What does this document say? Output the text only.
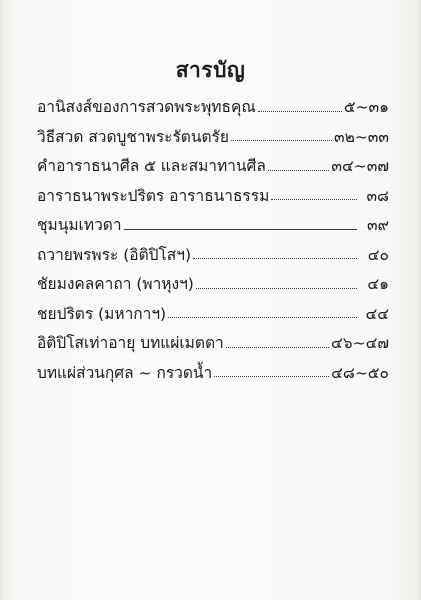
สารบัญ
อานิสงส์ของการสวดพระพุทธคุณ	๕~๓๑
วิธีสวด สวดบูชาพระรัตนตรัย	๓๒~๓๓
คำอาราธนาศีล ๕ และสมาทานศีล	๓๔~๓๗
อาราธนาพระปริตร อาราธนาธรรม	๓๘
ชุมนุมเทวดา	๓๙
ถวายพรพระ (อิติปิโสฯ)	๔๐
ชัยมงคลคาถา (พาหุงฯ)	๔๑
ชยปริตร (มหากาฯ)	๔๔
อิติปิโสเท่าอายุ บทแผ่เมตตา	๔๖~๔๗
บทแผ่ส่วนกุศล ~ กรวดน้ำ	๔๘~๕๐
